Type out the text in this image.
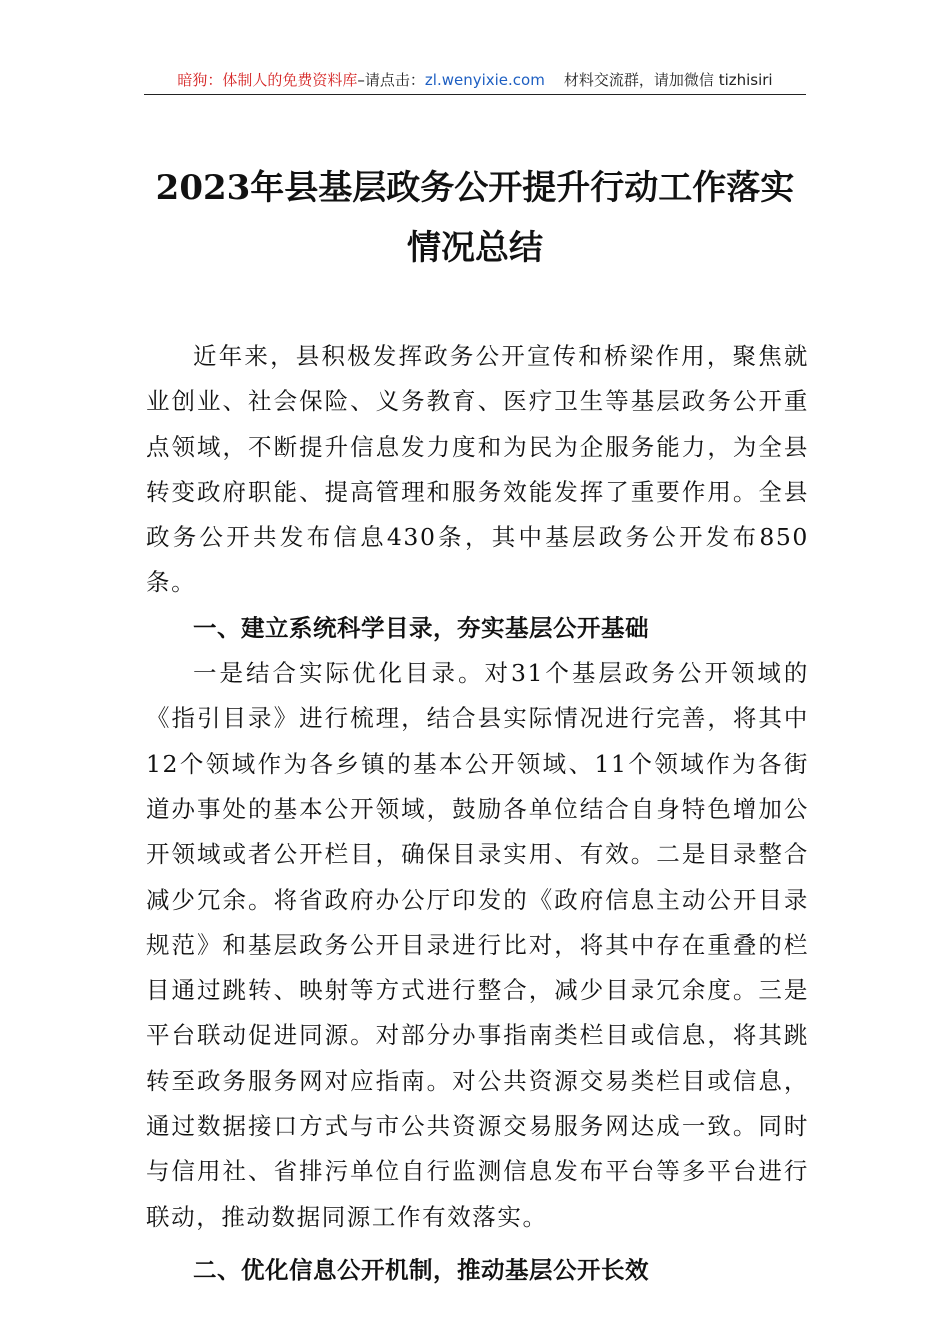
暗狗：体制人的免费资料库–请点击：zl.wenyixie.com 材料交流群，请加微信 tizhisiri
2023年县基层政务公开提升行动工作落实
情况总结

近年来，县积极发挥政务公开宣传和桥梁作用，聚焦就业创业、社会保险、义务教育、医疗卫生等基层政务公开重点领域，不断提升信息发力度和为民为企服务能力，为全县转变政府职能、提高管理和服务效能发挥了重要作用。全县政务公开共发布信息430条，其中基层政务公开发布850条。

一、建立系统科学目录，夯实基层公开基础

一是结合实际优化目录。对31个基层政务公开领域的《指引目录》进行梳理，结合县实际情况进行完善，将其中12个领域作为各乡镇的基本公开领域、11个领域作为各街道办事处的基本公开领域，鼓励各单位结合自身特色增加公开领域或者公开栏目，确保目录实用、有效。二是目录整合减少冗余。将省政府办公厅印发的《政府信息主动公开目录规范》和基层政务公开目录进行比对，将其中存在重叠的栏目通过跳转、映射等方式进行整合，减少目录冗余度。三是平台联动促进同源。对部分办事指南类栏目或信息，将其跳转至政务服务网对应指南。对公共资源交易类栏目或信息，通过数据接口方式与市公共资源交易服务网达成一致。同时与信用社、省排污单位自行监测信息发布平台等多平台进行联动，推动数据同源工作有效落实。

二、优化信息公开机制，推动基层公开长效
